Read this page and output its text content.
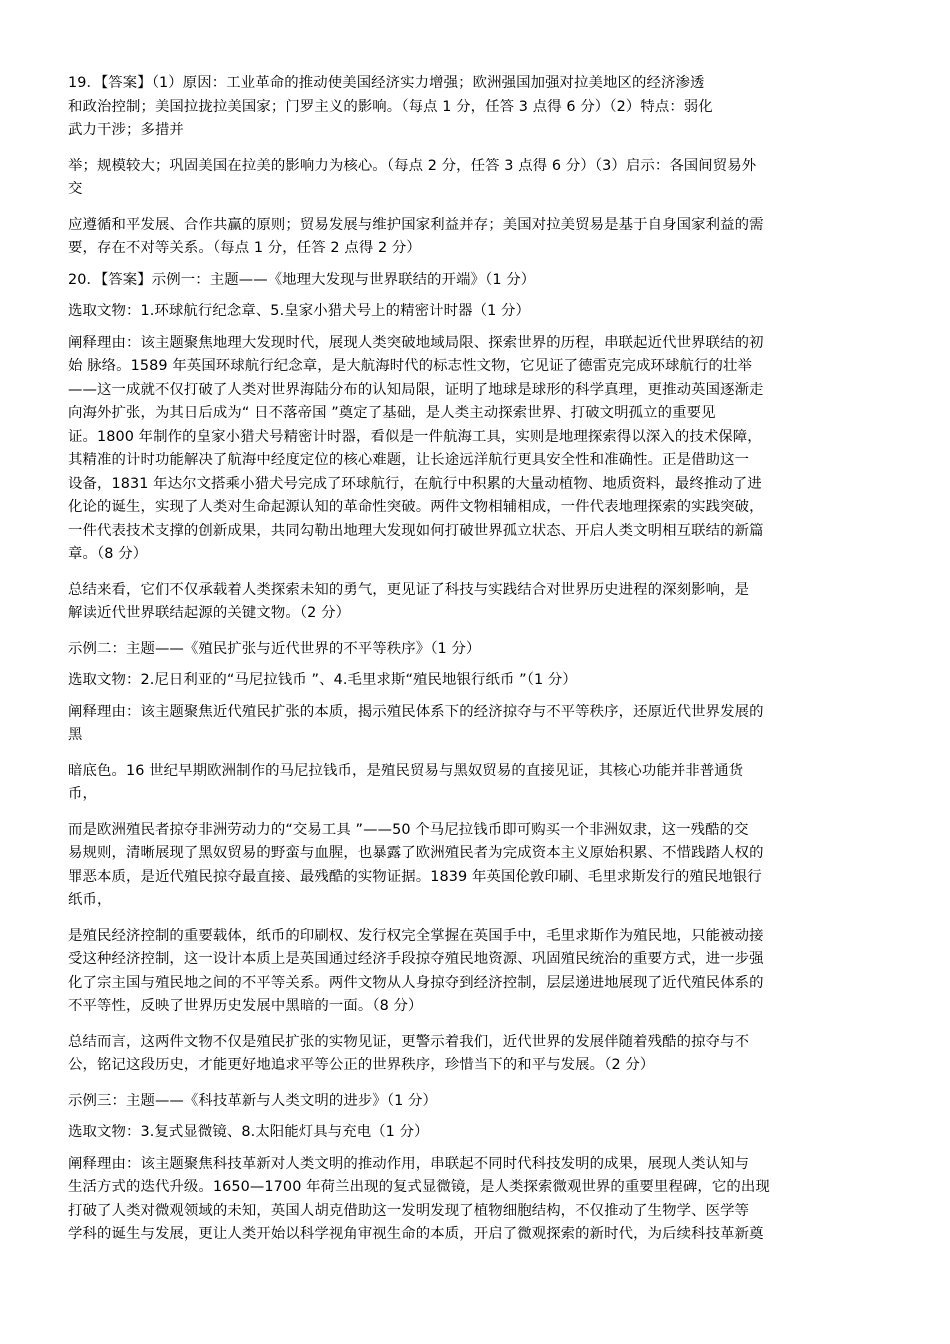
19．【答案】（1）原因：工业革命的推动使美国经济实力增强；欧洲强国加强对拉美地区的经济渗透
和政治控制；美国拉拢拉美国家；门罗主义的影响。（每点 1 分，任答 3 点得 6 分）（2）特点：弱化
武力干涉；多措并
举；规模较大；巩固美国在拉美的影响力为核心。（每点 2 分，任答 3 点得 6 分）（3）启示：各国间贸易外
交
应遵循和平发展、合作共赢的原则；贸易发展与维护国家利益并存；美国对拉美贸易是基于自身国家利益的需
要，存在不对等关系。（每点 1 分，任答 2 点得 2 分）
20．【答案】示例一：主题——《地理大发现与世界联结的开端》（1 分）
选取文物：1.环球航行纪念章、5.皇家小猎犬号上的精密计时器（1 分）
阐释理由：该主题聚焦地理大发现时代，展现人类突破地域局限、探索世界的历程，串联起近代世界联结的初
始 脉络。1589 年英国环球航行纪念章，是大航海时代的标志性文物，它见证了德雷克完成环球航行的壮举
——这一成就不仅打破了人类对世界海陆分布的认知局限，证明了地球是球形的科学真理，更推动英国逐渐走
向海外扩张，为其日后成为“ 日不落帝国 ”奠定了基础，是人类主动探索世界、打破文明孤立的重要见
证。1800 年制作的皇家小猎犬号精密计时器，看似是一件航海工具，实则是地理探索得以深入的技术保障，
其精准的计时功能解决了航海中经度定位的核心难题，让长途远洋航行更具安全性和准确性。正是借助这一
设备，1831 年达尔文搭乘小猎犬号完成了环球航行，在航行中积累的大量动植物、地质资料，最终推动了进
化论的诞生，实现了人类对生命起源认知的革命性突破。两件文物相辅相成，一件代表地理探索的实践突破，
一件代表技术支撑的创新成果，共同勾勒出地理大发现如何打破世界孤立状态、开启人类文明相互联结的新篇
章。（8 分）
总结来看，它们不仅承载着人类探索未知的勇气，更见证了科技与实践结合对世界历史进程的深刻影响，是
解读近代世界联结起源的关键文物。（2 分）
示例二：主题——《殖民扩张与近代世界的不平等秩序》（1 分）
选取文物：2.尼日利亚的“马尼拉钱币 ”、4.毛里求斯“殖民地银行纸币 ”（1 分）
阐释理由：该主题聚焦近代殖民扩张的本质，揭示殖民体系下的经济掠夺与不平等秩序，还原近代世界发展的
黑
暗底色。16 世纪早期欧洲制作的马尼拉钱币，是殖民贸易与黑奴贸易的直接见证，其核心功能并非普通货
币，
而是欧洲殖民者掠夺非洲劳动力的“交易工具 ”——50 个马尼拉钱币即可购买一个非洲奴隶，这一残酷的交
易规则，清晰展现了黑奴贸易的野蛮与血腥，也暴露了欧洲殖民者为完成资本主义原始积累、不惜践踏人权的
罪恶本质，是近代殖民掠夺最直接、最残酷的实物证据。1839 年英国伦敦印刷、毛里求斯发行的殖民地银行
纸币，
是殖民经济控制的重要载体，纸币的印刷权、发行权完全掌握在英国手中，毛里求斯作为殖民地，只能被动接
受这种经济控制，这一设计本质上是英国通过经济手段掠夺殖民地资源、巩固殖民统治的重要方式，进一步强
化了宗主国与殖民地之间的不平等关系。两件文物从人身掠夺到经济控制，层层递进地展现了近代殖民体系的
不平等性，反映了世界历史发展中黑暗的一面。（8 分）
总结而言，这两件文物不仅是殖民扩张的实物见证，更警示着我们，近代世界的发展伴随着残酷的掠夺与不
公，铭记这段历史，才能更好地追求平等公正的世界秩序，珍惜当下的和平与发展。（2 分）
示例三：主题——《科技革新与人类文明的进步》（1 分）
选取文物：3.复式显微镜、8.太阳能灯具与充电（1 分）
阐释理由：该主题聚焦科技革新对人类文明的推动作用，串联起不同时代科技发明的成果，展现人类认知与
生活方式的迭代升级。1650—1700 年荷兰出现的复式显微镜，是人类探索微观世界的重要里程碑，它的出现
打破了人类对微观领域的未知，英国人胡克借助这一发明发现了植物细胞结构，不仅推动了生物学、医学等
学科的诞生与发展，更让人类开始以科学视角审视生命的本质，开启了微观探索的新时代，为后续科技革新奠
